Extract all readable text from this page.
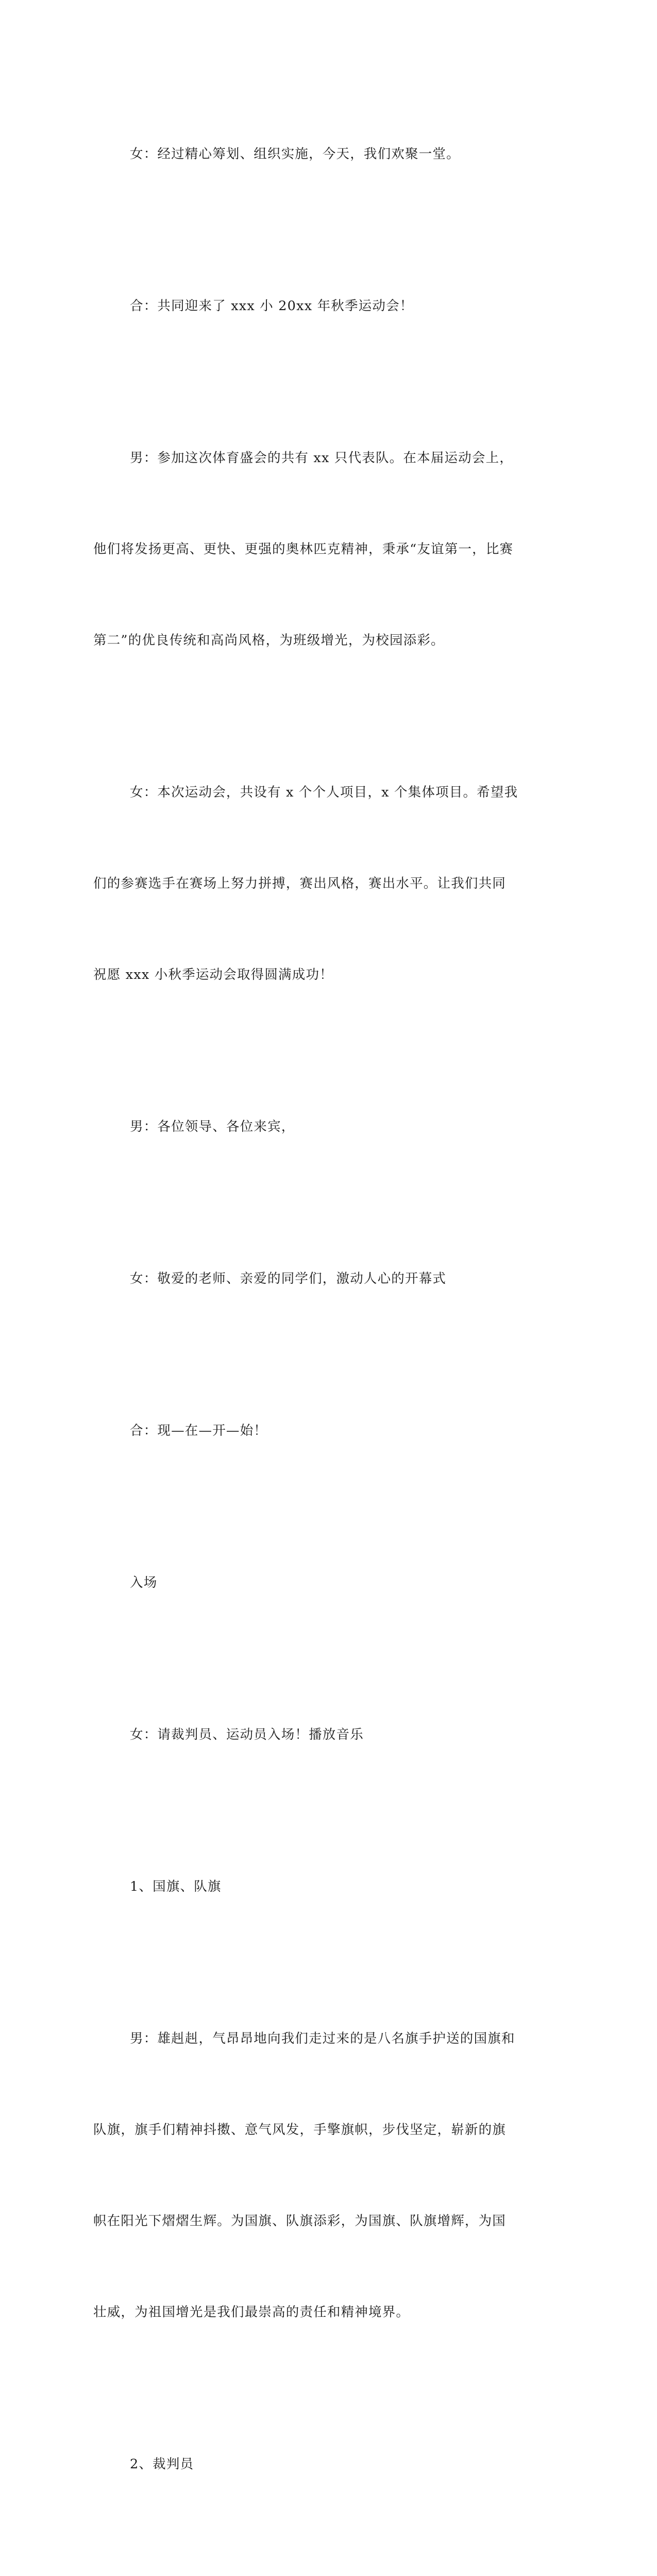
女：经过精心筹划、组织实施，今天，我们欢聚一堂。

合：共同迎来了 xxx 小 20xx 年秋季运动会！

男：参加这次体育盛会的共有 xx 只代表队。在本届运动会上，

他们将发扬更高、更快、更强的奥林匹克精神，秉承“友谊第一，比赛

第二”的优良传统和高尚风格，为班级增光，为校园添彩。

女：本次运动会，共设有 x 个个人项目，x 个集体项目。希望我

们的参赛选手在赛场上努力拼搏，赛出风格，赛出水平。让我们共同

祝愿 xxx 小秋季运动会取得圆满成功！

男：各位领导、各位来宾，

女：敬爱的老师、亲爱的同学们，激动人心的开幕式

合：现—在—开—始！

入场

女：请裁判员、运动员入场！播放音乐

1、国旗、队旗

男：雄赳赳，气昂昂地向我们走过来的是八名旗手护送的国旗和

队旗，旗手们精神抖擞、意气风发，手擎旗帜，步伐坚定，崭新的旗

帜在阳光下熠熠生辉。为国旗、队旗添彩，为国旗、队旗增辉，为国

壮威，为祖国增光是我们最崇高的责任和精神境界。

2、裁判员
